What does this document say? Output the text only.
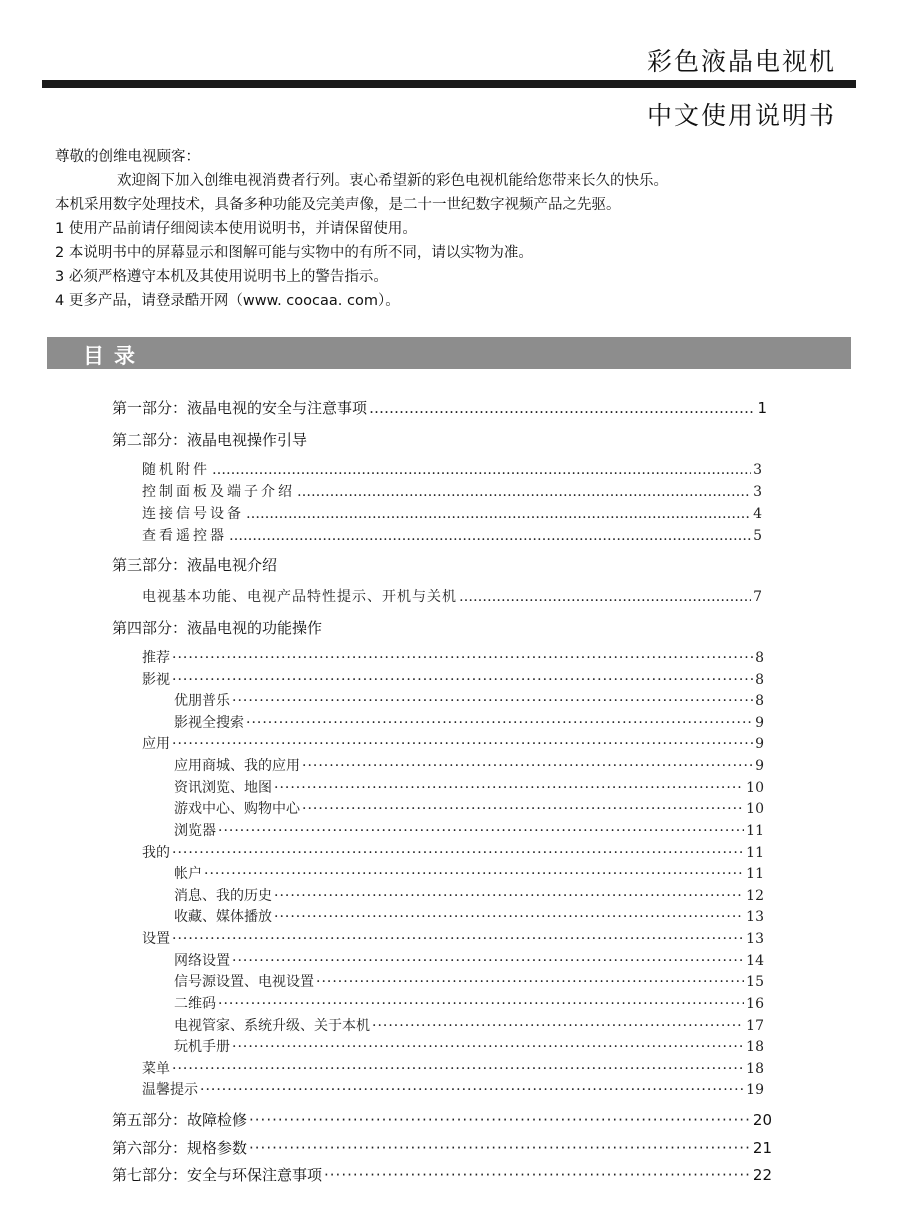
彩色液晶电视机
中文使用说明书
尊敬的创维电视顾客：
欢迎阁下加入创维电视消费者行列。衷心希望新的彩色电视机能给您带来长久的快乐。
本机采用数字处理技术，具备多种功能及完美声像，是二十一世纪数字视频产品之先驱。
1 使用产品前请仔细阅读本使用说明书，并请保留使用。
2 本说明书中的屏幕显示和图解可能与实物中的有所不同，请以实物为准。
3 必须严格遵守本机及其使用说明书上的警告指示。
4 更多产品，请登录酷开网（www. coocaa. com）。
目录
第一部分：液晶电视的安全与注意事项 ……………………………………………………………………………………………………………………………………	1
第二部分：液晶电视操作引导
随机附件 …………………………………………………………………………………………………………………………………………	3
控制面板及端子介绍 …………………………………………………………………………………………………………………………………………	3
连接信号设备 …………………………………………………………………………………………………………………………………………	4
查看遥控器 …………………………………………………………………………………………………………………………………………	5
第三部分：液晶电视介绍
电视基本功能、电视产品特性提示、开机与关机 …………………………………………………………………………………………………………………………………………	7
第四部分：液晶电视的功能操作
推荐 ·····	8
影视 ·····	8
优朋普乐 ·····	8
影视全搜索 ·····	9
应用 ·····	9
应用商城、我的应用 ·····	9
资讯浏览、地图 ·····	10
游戏中心、购物中心 ·····	10
浏览器 ·····	11
我的 ·····	11
帐户 ·····	11
消息、我的历史 ·····	12
收藏、媒体播放 ·····	13
设置 ·····	13
网络设置 ·····	14
信号源设置、电视设置 ·····	15
二维码 ·····	16
电视管家、系统升级、关于本机 ·····	17
玩机手册 ·····	18
菜单 ·····	18
温馨提示 ·····	19
第五部分：故障检修 ·····	20
第六部分：规格参数 ·····	21
第七部分：安全与环保注意事项 ·····	22
